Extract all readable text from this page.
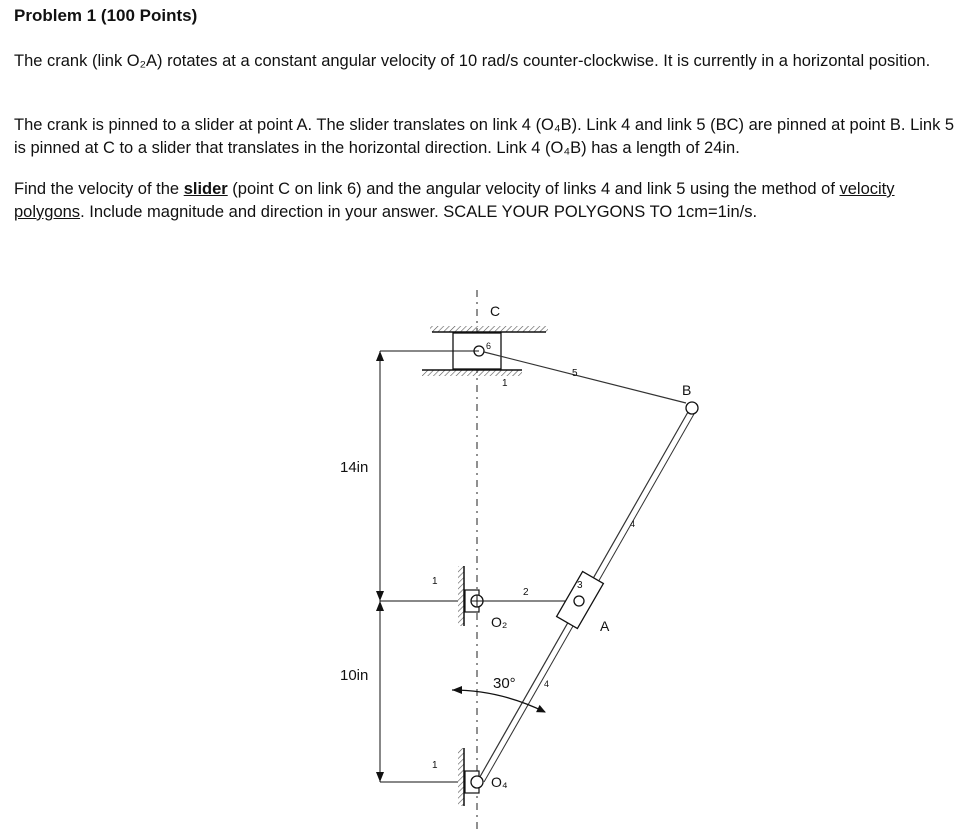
Problem 1 (100 Points)

The crank (link O₂A) rotates at a constant angular velocity of 10 rad/s counter-clockwise. It is currently in a horizontal position.

The crank is pinned to a slider at point A. The slider translates on link 4 (O₄B). Link 4 and link 5 (BC) are pinned at point B. Link 5 is pinned at C to a slider that translates in the horizontal direction. Link 4 (O₄B) has a length of 24in.

Find the velocity of the slider (point C on link 6) and the angular velocity of links 4 and link 5 using the method of velocity polygons. Include magnitude and direction in your answer. SCALE YOUR POLYGONS TO 1cm=1in/s.

C
6
1
5
B
4
14in
1
2
3
O₂	A
10in	30°	4
1
O₄
